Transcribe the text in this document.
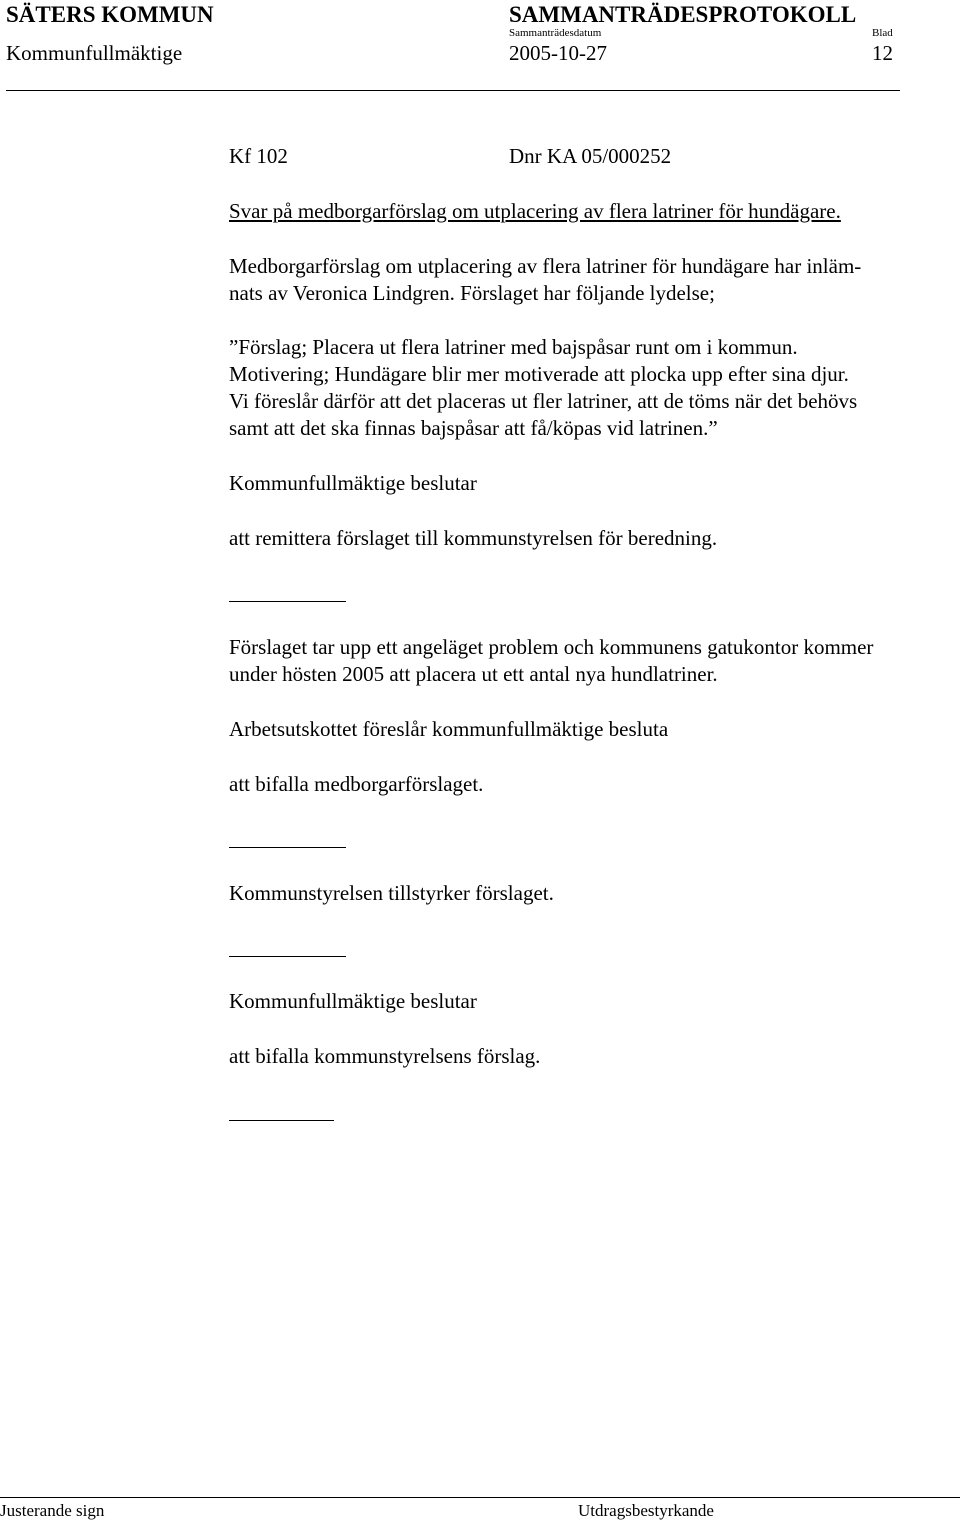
SÄTERS KOMMUN	SAMMANTRÄDESPROTOKOLL
Sammanträdesdatum	Blad
Kommunfullmäktige	2005-10-27	12
Kf 102	Dnr KA 05/000252
Svar på medborgarförslag om utplacering av flera latriner för hundägare.
Medborgarförslag om utplacering av flera latriner för hundägare har inläm-
nats av Veronica Lindgren. Förslaget har följande lydelse;
”Förslag; Placera ut flera latriner med bajspåsar runt om i kommun.
Motivering; Hundägare blir mer motiverade att plocka upp efter sina djur.
Vi föreslår därför att det placeras ut fler latriner, att de töms när det behövs
samt att det ska finnas bajspåsar att få/köpas vid latrinen.”
Kommunfullmäktige beslutar
att remittera förslaget till kommunstyrelsen för beredning.
Förslaget tar upp ett angeläget problem och kommunens gatukontor kommer
under hösten 2005 att placera ut ett antal nya hundlatriner.
Arbetsutskottet föreslår kommunfullmäktige besluta
att bifalla medborgarförslaget.
Kommunstyrelsen tillstyrker förslaget.
Kommunfullmäktige beslutar
att bifalla kommunstyrelsens förslag.
Justerande sign	Utdragsbestyrkande
